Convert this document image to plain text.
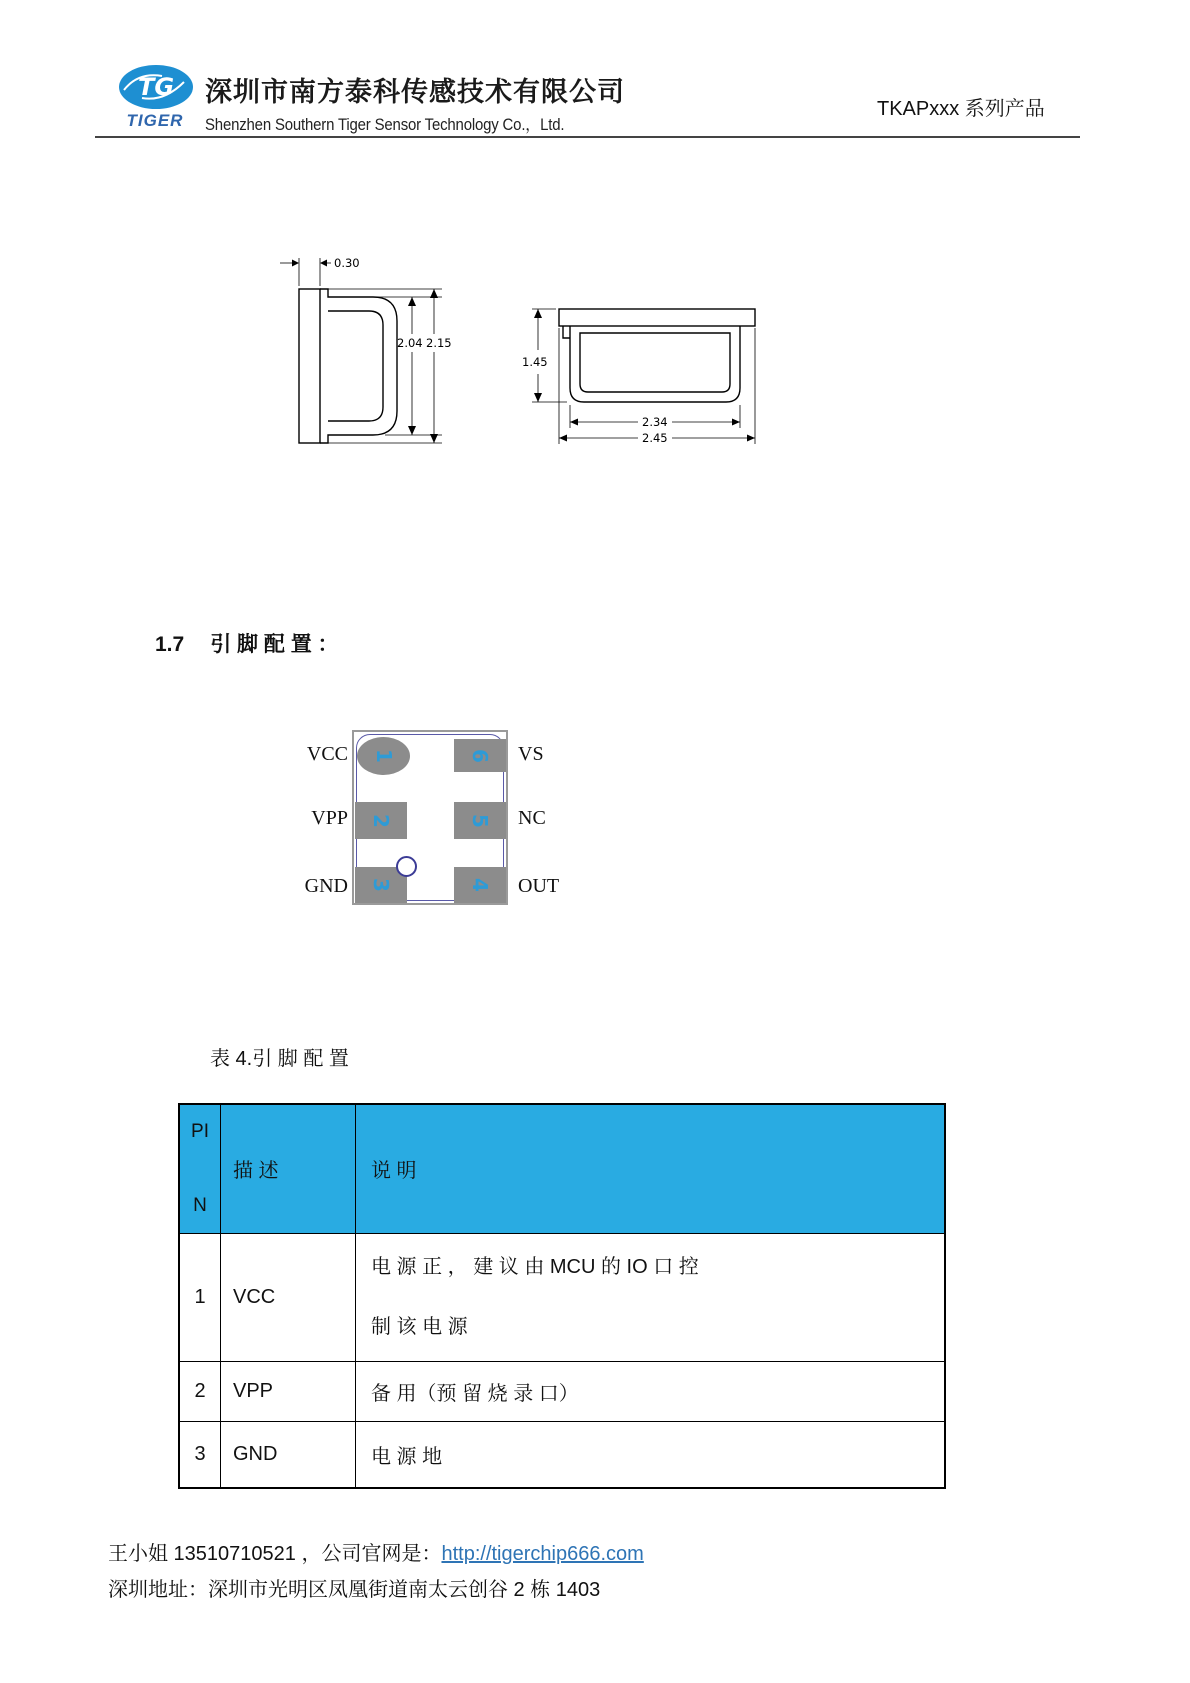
TG
TIGER
深圳市南方泰科传感技术有限公司
Shenzhen Southern Tiger Sensor Technology Co.，Ltd.
TKAPxxx 系列产品
0.30
2.04 2.15
1.45
2.34
2.45
1.7 引 脚 配 置 ：
VCC
VPP
GND
1	6
2	5
3	4
VS
NC
OUT
表 4.引 脚 配 置
PI
N	描 述	说 明
1	VCC	电 源 正 ， 建 议 由 MCU 的 IO 口 控
制 该 电 源

2	VPP	备 用（预 留 烧 录 口）
3	GND	电 源 地
王小姐 13510710521 ，公司官网是：http://tigerchip666.com
深圳地址：深圳市光明区凤凰街道南太云创谷 2 栋 1403
